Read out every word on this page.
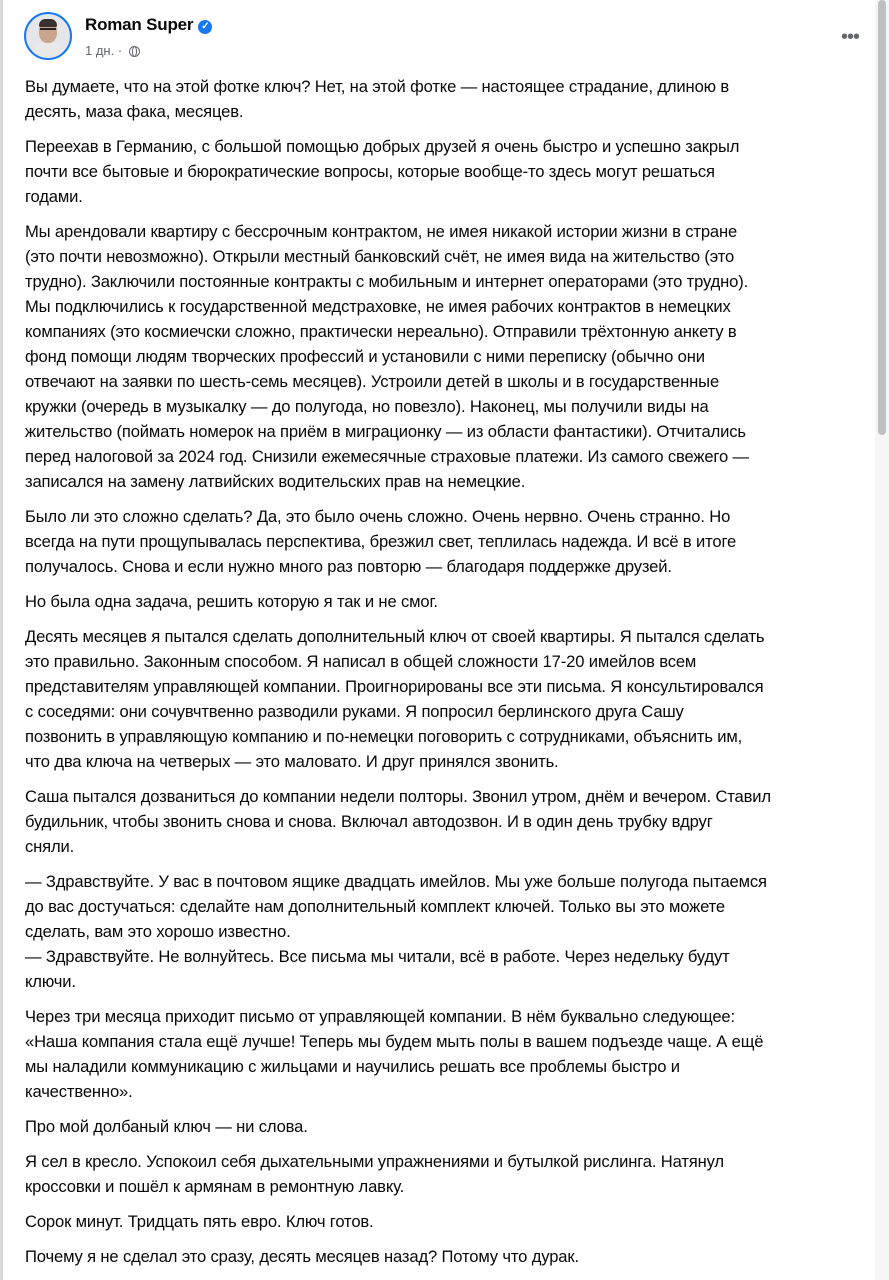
Roman Super ✓
1 дн. ·
•••
Вы думаете, что на этой фотке ключ? Нет, на этой фотке — настоящее страдание, длиною в
десять, маза фака, месяцев.
Переехав в Германию, с большой помощью добрых друзей я очень быстро и успешно закрыл
почти все бытовые и бюрократические вопросы, которые вообще-то здесь могут решаться
годами.
Мы арендовали квартиру с бессрочным контрактом, не имея никакой истории жизни в стране
(это почти невозможно). Открыли местный банковский счёт, не имея вида на жительство (это
трудно). Заключили постоянные контракты с мобильным и интернет операторами (это трудно).
Мы подключились к государственной медстраховке, не имея рабочих контрактов в немецких
компаниях (это космиечски сложно, практически нереально). Отправили трёхтонную анкету в
фонд помощи людям творческих профессий и установили с ними переписку (обычно они
отвечают на заявки по шесть-семь месяцев). Устроили детей в школы и в государственные
кружки (очередь в музыкалку — до полугода, но повезло). Наконец, мы получили виды на
жительство (поймать номерок на приём в миграционку — из области фантастики). Отчитались
перед налоговой за 2024 год. Снизили ежемесячные страховые платежи. Из самого свежего —
записался на замену латвийских водительских прав на немецкие.
Было ли это сложно сделать? Да, это было очень сложно. Очень нервно. Очень странно. Но
всегда на пути прощупывалась перспектива, брезжил свет, теплилась надежда. И всё в итоге
получалось. Снова и если нужно много раз повторю — благодаря поддержке друзей.
Но была одна задача, решить которую я так и не смог.
Десять месяцев я пытался сделать дополнительный ключ от своей квартиры. Я пытался сделать
это правильно. Законным способом. Я написал в общей сложности 17-20 имейлов всем
представителям управляющей компании. Проигнорированы все эти письма. Я консультировался
с соседями: они сочувчтвенно разводили руками. Я попросил берлинского друга Сашу
позвонить в управляющую компанию и по-немецки поговорить с сотрудниками, объяснить им,
что два ключа на четверых — это маловато. И друг принялся звонить.
Саша пытался дозваниться до компании недели полторы. Звонил утром, днём и вечером. Ставил
будильник, чтобы звонить снова и снова. Включал автодозвон. И в один день трубку вдруг
сняли.
— Здравствуйте. У вас в почтовом ящике двадцать имейлов. Мы уже больше полугода пытаемся
до вас достучаться: сделайте нам дополнительный комплект ключей. Только вы это можете
сделать, вам это хорошо известно.
— Здравствуйте. Не волнуйтесь. Все письма мы читали, всё в работе. Через недельку будут
ключи.
Через три месяца приходит письмо от управляющей компании. В нём буквально следующее:
«Наша компания стала ещё лучше! Теперь мы будем мыть полы в вашем подъезде чаще. А ещё
мы наладили коммуникацию с жильцами и научились решать все проблемы быстро и
качественно».
Про мой долбаный ключ — ни слова.
Я сел в кресло. Успокоил себя дыхательными упражнениями и бутылкой рислинга. Натянул
кроссовки и пошёл к армянам в ремонтную лавку.
Сорок минут. Тридцать пять евро. Ключ готов.
Почему я не сделал это сразу, десять месяцев назад? Потому что дурак.
